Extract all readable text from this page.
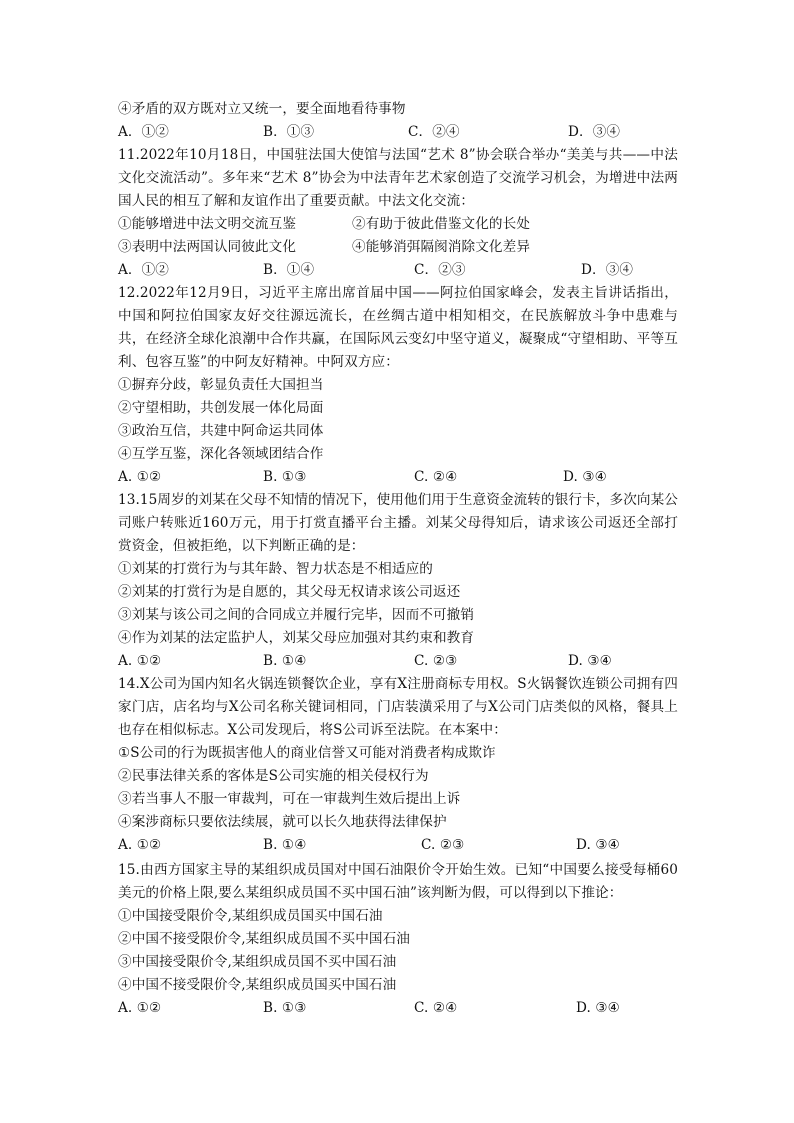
④矛盾的双方既对立又统一，要全面地看待事物

A．①②	B．①③	C．②④	D．③④

11.2022年10月18日，中国驻法国大使馆与法国“艺术 8”协会联合举办“美美与共——中法文化交流活动”。多年来“艺术 8”协会为中法青年艺术家创造了交流学习机会，为增进中法两国人民的相互了解和友谊作出了重要贡献。中法文化交流：

①能够增进中法文明交流互鉴	②有助于彼此借鉴文化的长处
③表明中法两国认同彼此文化	④能够消弭隔阂消除文化差异
A．①②	B．①④	C．②③	D．③④

12.2022年12月9日，习近平主席出席首届中国——阿拉伯国家峰会，发表主旨讲话指出，中国和阿拉伯国家友好交往源远流长，在丝绸古道中相知相交，在民族解放斗争中患难与共，在经济全球化浪潮中合作共赢，在国际风云变幻中坚守道义，凝聚成“守望相助、平等互利、包容互鉴”的中阿友好精神。中阿双方应：

①摒弃分歧，彰显负责任大国担当

②守望相助，共创发展一体化局面

③政治互信，共建中阿命运共同体

④互学互鉴，深化各领域团结合作

A. ①②	B. ①③	C. ②④	D. ③④

13.15周岁的刘某在父母不知情的情况下，使用他们用于生意资金流转的银行卡，多次向某公司账户转账近160万元，用于打赏直播平台主播。刘某父母得知后，请求该公司返还全部打赏资金，但被拒绝，以下判断正确的是：

①刘某的打赏行为与其年龄、智力状态是不相适应的

②刘某的打赏行为是自愿的，其父母无权请求该公司返还

③刘某与该公司之间的合同成立并履行完毕，因而不可撤销

④作为刘某的法定监护人，刘某父母应加强对其约束和教育

A. ①②	B. ①④	C. ②③	D. ③④

14.X公司为国内知名火锅连锁餐饮企业，享有X注册商标专用权。S火锅餐饮连锁公司拥有四家门店，店名均与X公司名称关键词相同，门店装潢采用了与X公司门店类似的风格，餐具上也存在相似标志。X公司发现后，将S公司诉至法院。在本案中：

①S公司的行为既损害他人的商业信誉又可能对消费者构成欺诈

②民事法律关系的客体是S公司实施的相关侵权行为

③若当事人不服一审裁判，可在一审裁判生效后提出上诉

④案涉商标只要依法续展，就可以长久地获得法律保护

A. ①②	B. ①④	C. ②③	D. ③④

15.由西方国家主导的某组织成员国对中国石油限价令开始生效。已知“中国要么接受每桶60美元的价格上限,要么某组织成员国不买中国石油”该判断为假，可以得到以下推论：

①中国接受限价令,某组织成员国买中国石油

②中国不接受限价令,某组织成员国不买中国石油

③中国接受限价令,某组织成员国不买中国石油

④中国不接受限价令,某组织成员国买中国石油

A. ①②	B. ①③	C. ②④	D. ③④
